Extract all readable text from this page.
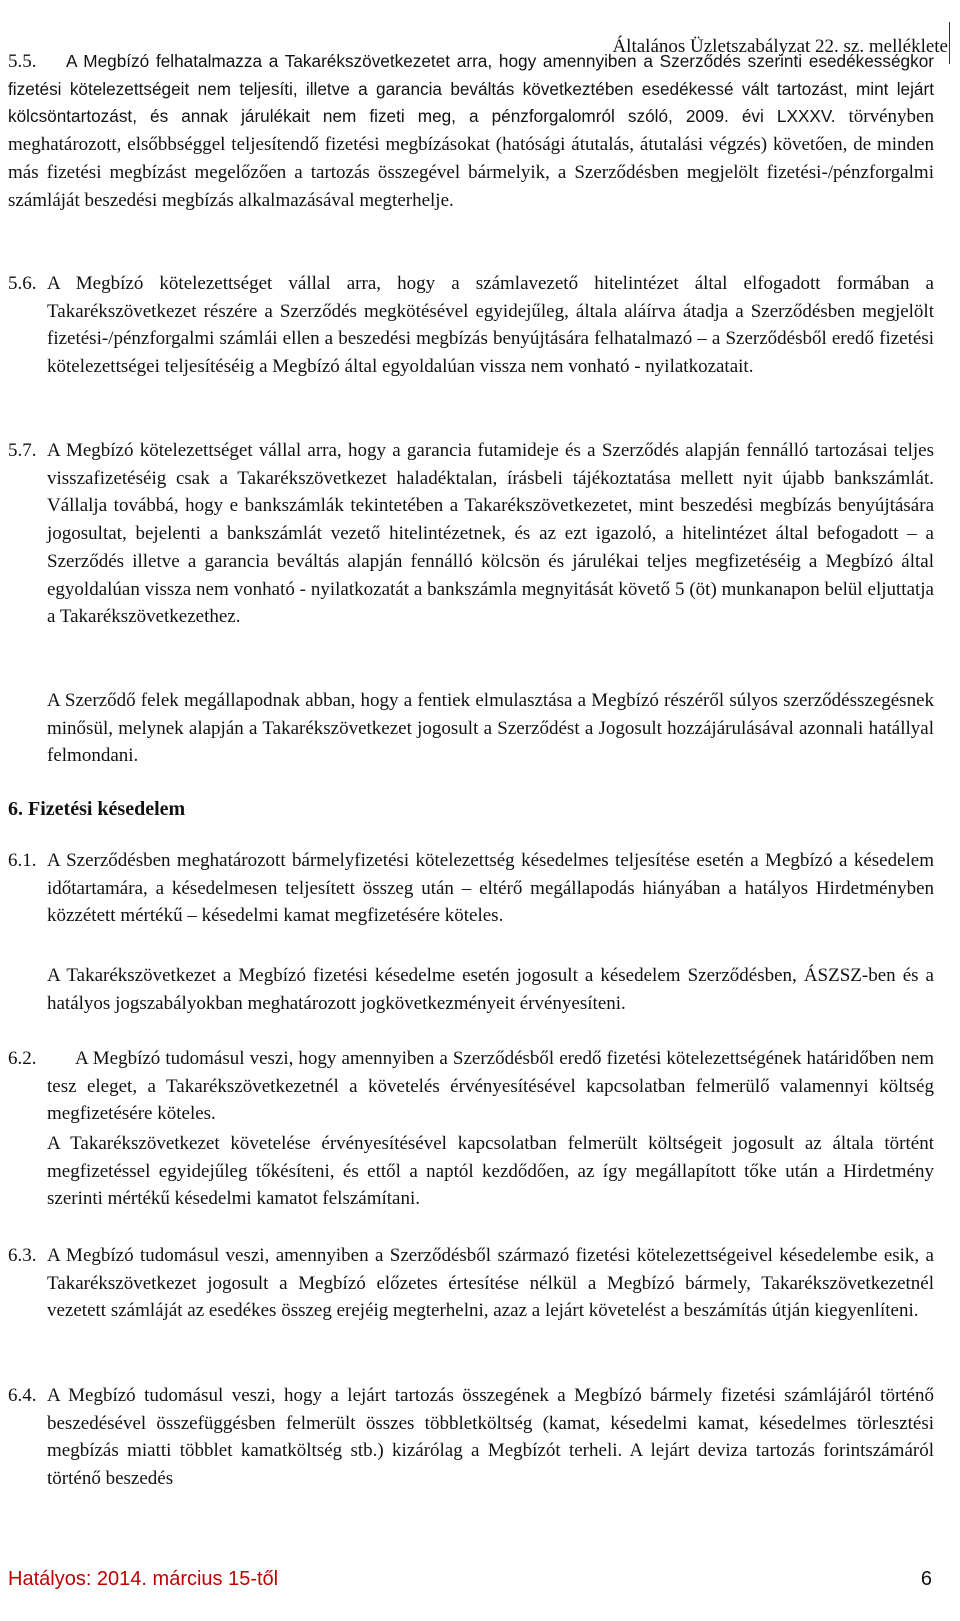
Általános Üzletszabályzat 22. sz. melléklete
5.5.	A Megbízó felhatalmazza a Takarékszövetkezetet arra, hogy amennyiben a Szerződés szerinti esedékességkor fizetési kötelezettségeit nem teljesíti, illetve a garancia beváltás következtében esedékessé vált tartozást, mint lejárt kölcsöntartozást, és annak járulékait nem fizeti meg, a pénzforgalomról szóló, 2009. évi LXXXV. törvényben meghatározott, elsőbbséggel teljesítendő fizetési megbízásokat (hatósági átutalás, átutalási végzés) követően, de minden más fizetési megbízást megelőzően a tartozás összegével bármelyik, a Szerződésben megjelölt fizetési-/pénzforgalmi számláját beszedési megbízás alkalmazásával megterhelje.
5.6. A Megbízó kötelezettséget vállal arra, hogy a számlavezető hitelintézet által elfogadott formában a Takarékszövetkezet részére a Szerződés megkötésével egyidejűleg, általa aláírva átadja a Szerződésben megjelölt fizetési-/pénzforgalmi számlái ellen a beszedési megbízás benyújtására felhatalmazó – a Szerződésből eredő fizetési kötelezettségei teljesítéséig a Megbízó által egyoldalúan vissza nem vonható - nyilatkozatait.
5.7. A Megbízó kötelezettséget vállal arra, hogy a garancia futamideje és a Szerződés alapján fennálló tartozásai teljes visszafizetéséig csak a Takarékszövetkezet haladéktalan, írásbeli tájékoztatása mellett nyit újabb bankszámlát. Vállalja továbbá, hogy e bankszámlák tekintetében a Takarékszövetkezetet, mint beszedési megbízás benyújtására jogosultat, bejelenti a bankszámlát vezető hitelintézetnek, és az ezt igazoló, a hitelintézet által befogadott – a Szerződés illetve a garancia beváltás alapján fennálló kölcsön és járulékai teljes megfizetéséig a Megbízó által egyoldalúan vissza nem vonható - nyilatkozatát a bankszámla megnyitását követő 5 (öt) munkanapon belül eljuttatja a Takarékszövetkezethez.
A Szerződő felek megállapodnak abban, hogy a fentiek elmulasztása a Megbízó részéről súlyos szerződésszegésnek minősül, melynek alapján a Takarékszövetkezet jogosult a Szerződést a Jogosult hozzájárulásával azonnali hatállyal felmondani.
6. Fizetési késedelem
6.1. A Szerződésben meghatározott bármelyfizetési kötelezettség késedelmes teljesítése esetén a Megbízó a késedelem időtartamára, a késedelmesen teljesített összeg után – eltérő megállapodás hiányában a hatályos Hirdetményben közzétett mértékű – késedelmi kamat megfizetésére köteles.
A Takarékszövetkezet a Megbízó fizetési késedelme esetén jogosult a késedelem Szerződésben, ÁSZSZ-ben és a hatályos jogszabályokban meghatározott jogkövetkezményeit érvényesíteni.
6.2.	A Megbízó tudomásul veszi, hogy amennyiben a Szerződésből eredő fizetési kötelezettségének határidőben nem tesz eleget, a Takarékszövetkezetnél a követelés érvényesítésével kapcsolatban felmerülő valamennyi költség megfizetésére köteles.
A Takarékszövetkezet követelése érvényesítésével kapcsolatban felmerült költségeit jogosult az általa történt megfizetéssel egyidejűleg tőkésíteni, és ettől a naptól kezdődően, az így megállapított tőke után a Hirdetmény szerinti mértékű késedelmi kamatot felszámítani.
6.3. A Megbízó tudomásul veszi, amennyiben a Szerződésből származó fizetési kötelezettségeivel késedelembe esik, a Takarékszövetkezet jogosult a Megbízó előzetes értesítése nélkül a Megbízó bármely, Takarékszövetkezetnél vezetett számláját az esedékes összeg erejéig megterhelni, azaz a lejárt követelést a beszámítás útján kiegyenlíteni.
6.4. A Megbízó tudomásul veszi, hogy a lejárt tartozás összegének a Megbízó bármely fizetési számlájáról történő beszedésével összefüggésben felmerült összes többletköltség (kamat, késedelmi kamat, késedelmes törlesztési megbízás miatti többlet kamatköltség stb.) kizárólag a Megbízót terheli. A lejárt deviza tartozás forintszámáról történő beszedés
Hatályos: 2014. március 15-től	6
